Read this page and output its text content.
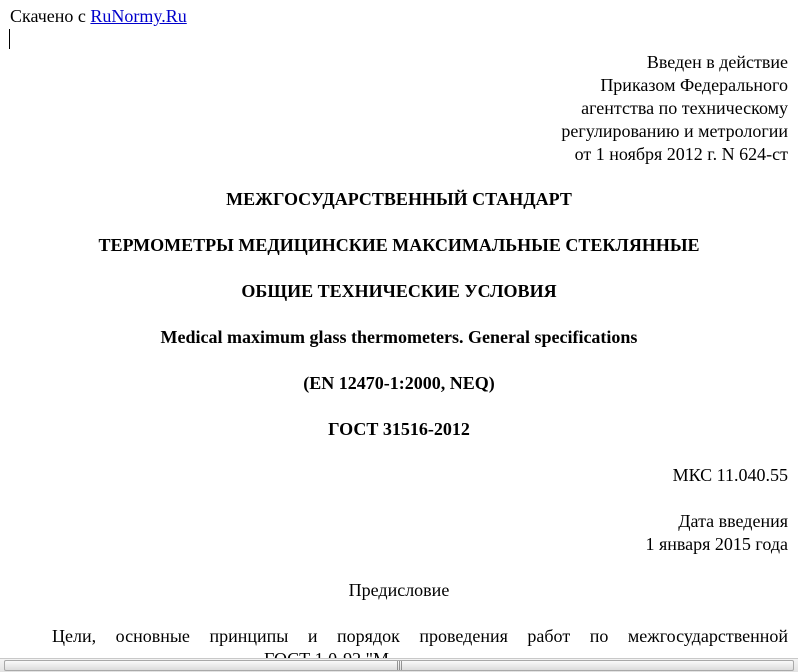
Скачено с RuNormy.Ru
Введен в действие
Приказом Федерального
агентства по техническому
регулированию и метрологии
от 1 ноября 2012 г. N 624-ст
МЕЖГОСУДАРСТВЕННЫЙ СТАНДАРТ
ТЕРМОМЕТРЫ МЕДИЦИНСКИЕ МАКСИМАЛЬНЫЕ СТЕКЛЯННЫЕ
ОБЩИЕ ТЕХНИЧЕСКИЕ УСЛОВИЯ
Medical maximum glass thermometers. General specifications
(EN 12470-1:2000, NEQ)
ГОСТ 31516-2012
МКС 11.040.55
Дата введения
1 января 2015 года
Предисловие
Цели, основные принципы и порядок проведения работ по межгосударственной
|||
